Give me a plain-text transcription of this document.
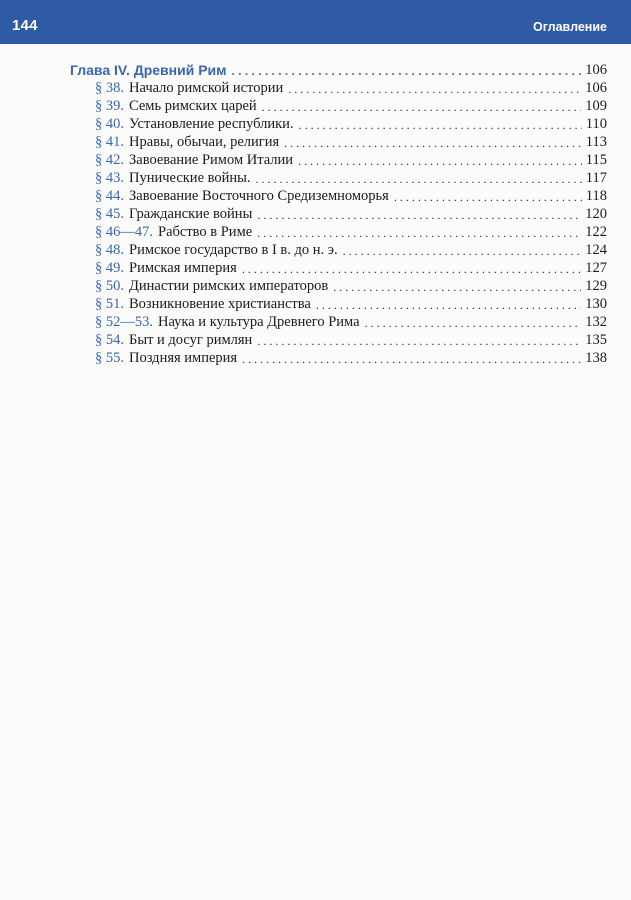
144	Оглавление
Глава IV. Древний Рим . . .	106
§ 38. Начало римской истории . . .	106
§ 39. Семь римских царей . . .	109
§ 40. Установление республики. . . .	110
§ 41. Нравы, обычаи, религия . . .	113
§ 42. Завоевание Римом Италии . . .	115
§ 43. Пунические войны. . . .	117
§ 44. Завоевание Восточного Средиземноморья . . .	118
§ 45. Гражданские войны . . .	120
§ 46—47. Рабство в Риме . . .	122
§ 48. Римское государство в I в. до н. э. . . .	124
§ 49. Римская империя . . .	127
§ 50. Династии римских императоров . . .	129
§ 51. Возникновение христианства . . .	130
§ 52—53. Наука и культура Древнего Рима . . .	132
§ 54. Быт и досуг римлян . . .	135
§ 55. Поздняя империя . . .	138
